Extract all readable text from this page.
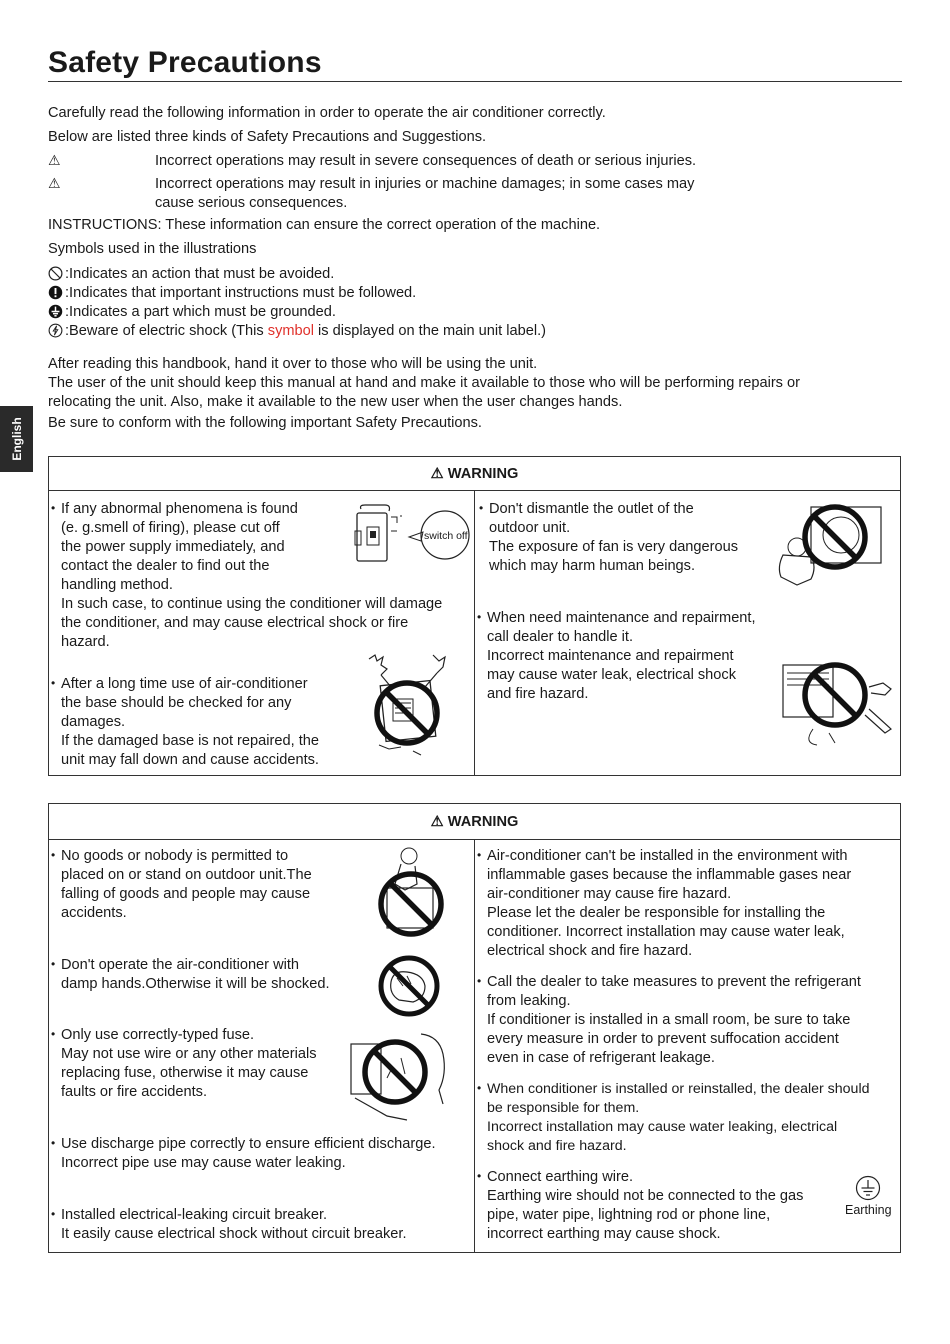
Safety Precautions
English
Carefully read the following information in order to operate the air conditioner correctly.
Below are listed three kinds of Safety Precautions and Suggestions.
⚠	Incorrect operations may result in severe consequences of death or serious injuries.
⚠	Incorrect operations may result in injuries or machine damages; in some cases may
cause serious consequences.
INSTRUCTIONS: These information can ensure the correct operation of the machine.
Symbols used in the illustrations
:Indicates an action that must be avoided.
:Indicates that important instructions must be followed.
:Indicates a part which must be grounded.
:Beware of electric shock (This symbol is displayed on the main unit label.)
After reading this handbook, hand it over to those who will be using the unit.
The user of the unit should keep this manual at hand and make it available to those who will be performing repairs or
relocating the unit. Also, make it available to the new user when the user changes hands.
Be sure to conform with the following important Safety Precautions.
⚠ WARNING
• If any abnormal phenomena is found
(e. g.smell of firing), please cut off
the power supply immediately, and
contact the dealer to find out the
handling method.
In such case, to continue using the conditioner will damage
the conditioner, and may cause electrical shock or fire
hazard.
switch off
• After a long time use of air-conditioner
the base should be checked for any
damages.
If the damaged base is not repaired, the
unit may fall down and cause accidents.
• Don't dismantle the outlet of the
outdoor unit.
The exposure of fan is very dangerous
which may harm human beings.
• When need maintenance and repairment,
call dealer to handle it.
Incorrect maintenance and repairment
may cause water leak, electrical shock
and fire hazard.
⚠ WARNING
• No goods or nobody is permitted to
placed on or stand on outdoor unit.The
falling of goods and people may cause
accidents.
• Don't operate the air-conditioner with
damp hands.Otherwise it will be shocked.
• Only use correctly-typed fuse.
May not use wire or any other materials
replacing fuse, otherwise it may cause
faults or fire accidents.
• Use discharge pipe correctly to ensure efficient discharge.
Incorrect pipe use may cause water leaking.
• Installed electrical-leaking circuit breaker.
It easily cause electrical shock without circuit breaker.
• Air-conditioner can't be installed in the environment with
inflammable gases because the inflammable gases near
air-conditioner may cause fire hazard.
Please let the dealer be responsible for installing the
conditioner. Incorrect installation may cause water leak,
electrical shock and fire hazard.
• Call the dealer to take measures to prevent the refrigerant
from leaking.
If conditioner is installed in a small room, be sure to take
every measure in order to prevent suffocation accident
even in case of refrigerant leakage.
• When conditioner is installed or reinstalled, the dealer should
be responsible for them.
Incorrect installation may cause water leaking, electrical
shock and fire hazard.
• Connect earthing wire.
Earthing wire should not be connected to the gas
pipe, water pipe, lightning rod or phone line,
incorrect earthing may cause shock.
Earthing
